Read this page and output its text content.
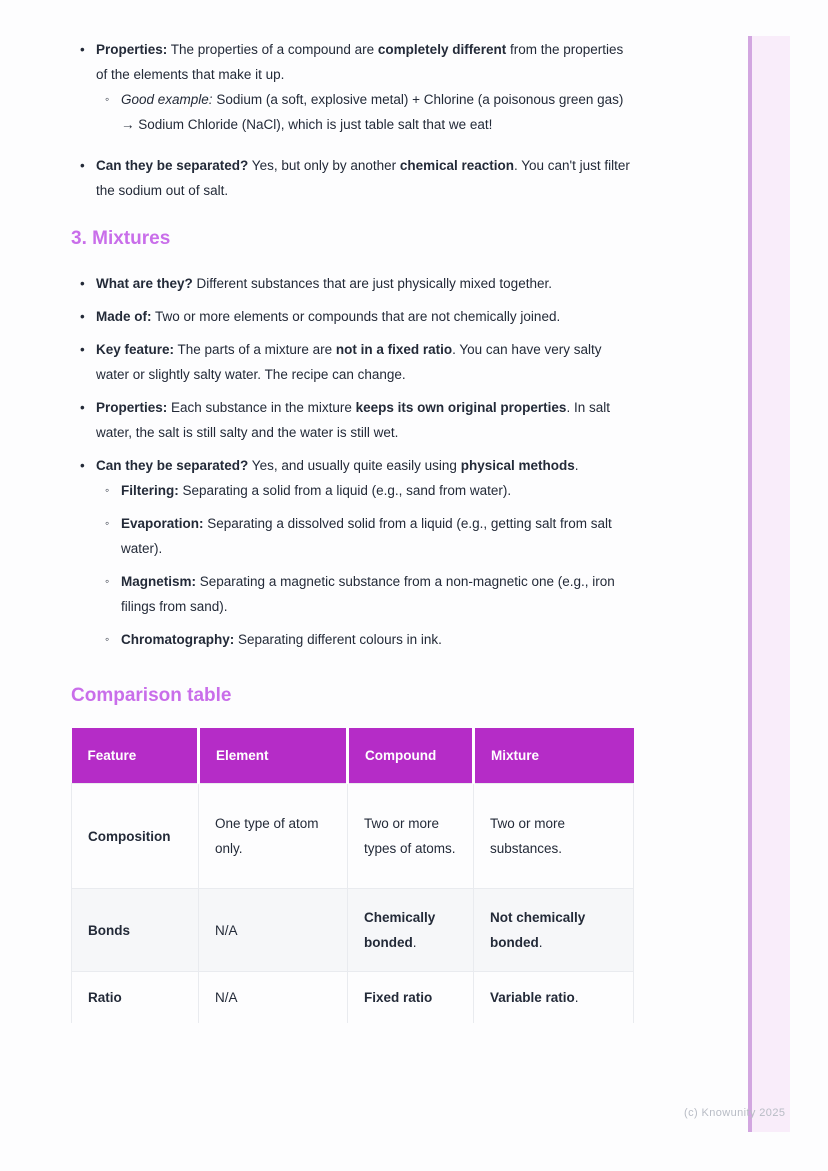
(c) Knowunity 2025
• Properties: The properties of a compound are completely different from the properties of the elements that make it up.
◦ Good example: Sodium (a soft, explosive metal) + Chlorine (a poisonous green gas) → Sodium Chloride (NaCl), which is just table salt that we eat!
• Can they be separated? Yes, but only by another chemical reaction. You can't just filter the sodium out of salt.
3. Mixtures
• What are they? Different substances that are just physically mixed together.
• Made of: Two or more elements or compounds that are not chemically joined.
• Key feature: The parts of a mixture are not in a fixed ratio. You can have very salty water or slightly salty water. The recipe can change.
• Properties: Each substance in the mixture keeps its own original properties. In salt water, the salt is still salty and the water is still wet.
• Can they be separated? Yes, and usually quite easily using physical methods.
◦ Filtering: Separating a solid from a liquid (e.g., sand from water).
◦ Evaporation: Separating a dissolved solid from a liquid (e.g., getting salt from salt water).
◦ Magnetism: Separating a magnetic substance from a non-magnetic one (e.g., iron filings from sand).
◦ Chromatography: Separating different colours in ink.
Comparison table
Feature	Element	Compound	Mixture
Composition	One type of atom only.	Two or more types of atoms.	Two or more substances.
Bonds	N/A	Chemically bonded.	Not chemically bonded.
Ratio	N/A	Fixed ratio	Variable ratio.
